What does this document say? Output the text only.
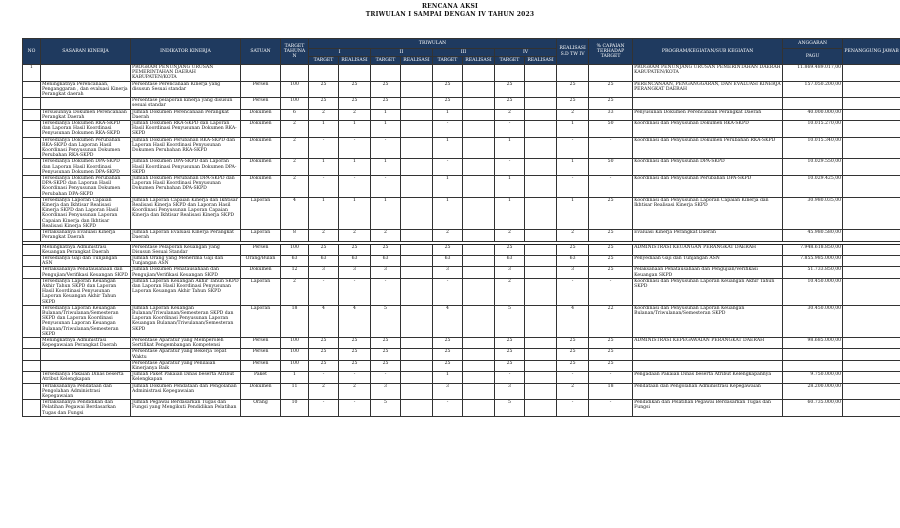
RENCANA AKSI
TRIWULAN I SAMPAI DENGAN IV TAHUN 2023
NO	SASARAN KINERJA	INDIKATOR KINERJA	SATUAN	TARGET TAHUNAN	TRIWULAN								REALISASI S.D TW IV	% CAPAIAN TERHADAP TARGET	PROGRAM/KEGIATAN/SUB KEGIATAN	ANGGARAN	PENANGGUNG JAWAB
					I		II		III		IV					PAGU	
					TARGET	REALISASI	TARGET	REALISASI	TARGET	REALISASI	TARGET	REALISASI					
1		PROGRAM PENUNJANG URUSAN PEMERINTAHAN DAERAH KABUPATEN/KOTA													PROGRAM PENUNJANG URUSAN PEMERINTAHAN DAERAH KABUPATEN/KOTA	11.869.489.017,00	
	Meningkatnya Perencanaan, Penganggaran , dan evaluasi Kinerja Perangkat daerah	Persentase Perencanaan Kinerja yang disusun Sesuai standar	Persen	100	25	25	25		25		25		25	25	PERENCANAAN, PENGANGGARAN, DAN EVALUASI KINERJA PERANGKAT DAERAH	157.050.200,00	
		Persentase pelaporan kinerja yang disusun sesuai standar	Persen	100	25	25	25		25		25		25	25			
	Tersusunnya Dokumen Perencanaan Perangkat Daerah	Jumlah Dokumen Perencanaan Perangkat Daerah	Dokumen	6	2	2	1		1		2		2	33	Penyusunan Dokumen Perencanaan Perangkat Daerah	40.000.000,00	
	Tersedianya Dokumen RKA-SKPD dan Laporan Hasil Koordinasi Penyusunan Dokumen RKA-SKPD	Jumlah Dokumen RKA-SKPD dan Laporan Hasil Koordinasi Penyusunan Dokumen RKA-SKPD	Dokumen	2	1	1	1		-		-		1	50	Koordinasi dan Penyusunan Dokumen RKA-SKPD	10.015.270,00	
	Tersedianya Dokumen Perubahan RKA-SKPD dan Laporan Hasil Koordinasi Penyusunan Dokumen Perubahan RKA-SKPD	Jumlah Dokumen Perubahan RKA-SKPD dan Laporan Hasil Koordinasi Penyusunan Dokumen Perubahan RKA-SKPD	Dokumen	2	-	-	-		1		1		-	-	Koordinasi dan Penyusunan Dokumen Perubahan RKA-SKPD	10.015.340,00	
	Tersedianya Dokumen DPA-SKPD dan Laporan Hasil Koordinasi Penyusunan Dokumen DPA-SKPD	Jumlah Dokumen DPA-SKPD dan Laporan Hasil Koordinasi Penyusunan Dokumen DPA-SKPD	Dokumen	2	1	1	1		-		-		1	50	Koordinasi dan Penyusunan DPA-SKPD	10.029.550,00	
	Tersedianya Dokumen Perubahan DPA-SKPD dan Laporan Hasil Koordinasi Penyusunan Dokumen Perubahan DPA-SKPD	Jumlah Dokumen Perubahan DPA-SKPD dan Laporan Hasil Koordinasi Penyusunan Dokumen Perubahan DPA-SKPD	Dokumen	2	-	-	-		1		1		-	-	Koordinasi dan Penyusunan Perubahan DPA-SKPD	10.029.425,00	
	Tersedianya Laporan Capaian Kinerja dan Ikhtisar Realisasi Kinerja SKPD dan Laporan Hasil Koordinasi Penyusunan Laporan Capaian Kinerja dan Ikhtisar Realisasi Kinerja SKPD	Jumlah Laporan Capaian Kinerja dan Ikhtisar Realisasi Kinerja SKPD dan Laporan Hasil Koordinasi Penyusunan Laporan Capaian Kinerja dan Ikhtisar Realisasi Kinerja SKPD	Laporan	4	1	1	1		1		1		1	25	Koordinasi dan Penyusunan Laporan Capaian Kinerja dan Ikhtisar Realisasi Kinerja SKPD	30.980.035,00	
	Terlaksananya Evaluasi Kinerja Perangkat Daerah	Jumlah Laporan Evaluasi Kinerja Perangkat Daerah	Laporan	8	2	2	2		2		2		2	25	Evaluasi Kinerja Perangkat Daerah	45.980.580,00	

	Meningkatnya Administrasi Keuangan Perangkat Daerah	Persentase Pelaporan Keuangan yang Disusun Sesuai Standar	Persen	100	25	25	25		25		25		25	25	ADMINISTRASI KEUANGAN PERANGKAT DAERAH	7.948.618.850,00	
	Tersedianya Gaji dan Tunjangan ASN	Jumlah Orang yang Menerima Gaji dan Tunjangan ASN	Orang/Bulan	63	63	63	63		63		63		63	25	Penyediaan Gaji dan Tunjangan ASN	7.855.985.000,00	
	Terlaksananya Penatausahaan dan Pengujian/Verifikasi Keuangan SKPD	Jumlah Dokumen Penatausahaan dan Pengujian/Verifikasi Keuangan SKPD	Dokumen	12	3	3	3		3		3		3	25	Pelaksanaan Penatausahaan dan Pengujian/Verifikasi Keuangan SKPD	51.733.850,00	
	Tersedianya Laporan Keuangan Akhir Tahun SKPD dan Laporan Hasil Koordinasi Penyusunan Laporan Keuangan Akhir Tahun SKPD	Jumlah Laporan Keuangan Akhir Tahun SKPD dan Laporan Hasil Koordinasi Penyusunan Laporan Keuangan Akhir Tahun SKPD	Laporan	2	-	-	-		-		2		-	-	Koordinasi dan Penyusunan Laporan Keuangan Akhir Tahun SKPD	10.450.000,00	
	Tersedianya Laporan Keuangan Bulanan/Triwulanan/Semesteran SKPD dan Laporan Koordinasi Penyusunan Laporan Keuangan Bulanan/Triwulanan/Semesteran SKPD	Jumlah Laporan Keuangan Bulanan/Triwulanan/Semesteran SKPD dan Laporan Koordinasi Penyusunan Laporan Keuangan Bulanan/Triwulanan/Semesteran SKPD	Laporan	18	4	4	5		4		5		4	22	Koordinasi dan Penyusunan Laporan Keuangan Bulanan/Triwulanan/Semesteran SKPD	30.450.000,00	
	Meningkatnya Administrasi Kepegawaian Perangkat Daerah	Persentase Aparatur yang Memperoleh Sertifikat Pengembangan Kompetensi	Persen	100	25	25	25		25		25		25	25	ADMINISTRASI KEPEGAWAIAN PERANGKAT DAERAH	98.685.000,00	
		Persentase Aparatur yang Bekerja Tepat Waktu	Persen	100	25	25	25		25		25		25	25			
		Persentase Aparatur yang Penilaian Kinerjanya Baik	Persen	100	25	25	25		25		25		25	25			
	Tersedianya Pakaian Dinas beserta Atribut Kelengkapan	Jumlah Paket Pakaian Dinas beserta Atribut Kelengkapan	Paket	1	-	-	-		1		-		-	-	Pengadaan Pakaian Dinas beserta Atribut Kelengkapannya	9.750.000,00	
	Terlaksananya Pendataan dan Pengolahan Administrasi Kepegawaian	Jumlah Dokumen Pendataan dan Pengolahan Administrasi Kepegawaian	Dokumen	11	2	2	3		3		3		2	18	Pendataan dan Pengolahan Administrasi Kepegawaian	28.200.000,00	
	Terlaksananya Pendidikan dan Pelatihan Pegawai Berdasarkan Tugas dan Fungsi	Jumlah Pegawai Berdasarkan Tugas dan Fungsi yang Mengikuti Pendidikan Pelatihan	Orang	10	-	-	5		-		5		-	-	Pendidikan dan Pelatihan Pegawai Berdasarkan Tugas dan Fungsi	60.735.000,00	
